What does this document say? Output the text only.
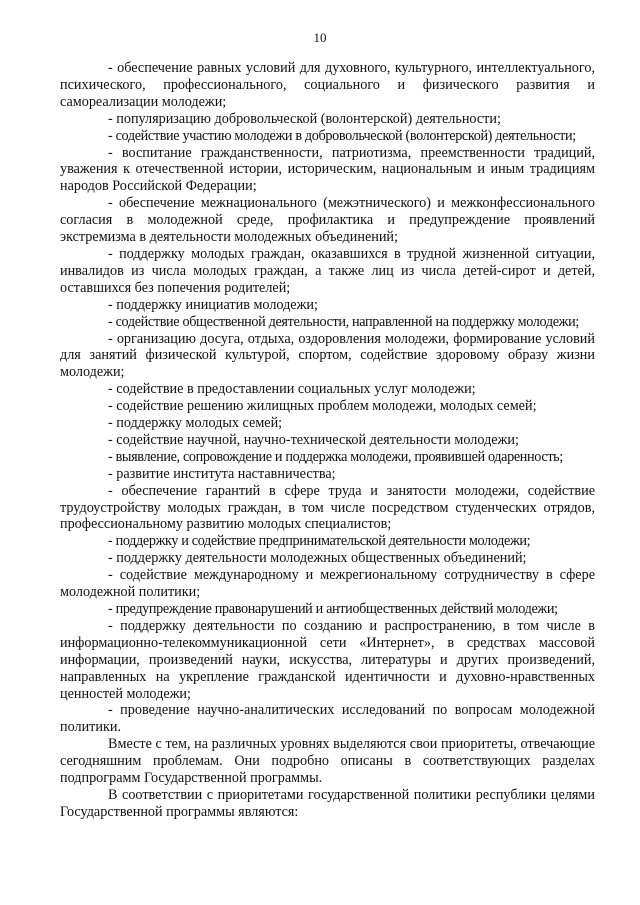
10

- обеспечение равных условий для духовного, культурного, интеллектуального, психического, профессионального, социального и физического развития и самореализации молодежи;

- популяризацию добровольческой (волонтерской) деятельности;

- содействие участию молодежи в добровольческой (волонтерской) деятельности;

- воспитание гражданственности, патриотизма, преемственности традиций, уважения к отечественной истории, историческим, национальным и иным традициям народов Российской Федерации;

- обеспечение межнационального (межэтнического) и межконфессионального согласия в молодежной среде, профилактика и предупреждение проявлений экстремизма в деятельности молодежных объединений;

- поддержку молодых граждан, оказавшихся в трудной жизненной ситуации, инвалидов из числа молодых граждан, а также лиц из числа детей-сирот и детей, оставшихся без попечения родителей;

- поддержку инициатив молодежи;

- содействие общественной деятельности, направленной на поддержку молодежи;

- организацию досуга, отдыха, оздоровления молодежи, формирование условий для занятий физической культурой, спортом, содействие здоровому образу жизни молодежи;

- содействие в предоставлении социальных услуг молодежи;

- содействие решению жилищных проблем молодежи, молодых семей;

- поддержку молодых семей;

- содействие научной, научно-технической деятельности молодежи;

- выявление, сопровождение и поддержка молодежи, проявившей одаренность;

- развитие института наставничества;

- обеспечение гарантий в сфере труда и занятости молодежи, содействие трудоустройству молодых граждан, в том числе посредством студенческих отрядов, профессиональному развитию молодых специалистов;

- поддержку и содействие предпринимательской деятельности молодежи;

- поддержку деятельности молодежных общественных объединений;

- содействие международному и межрегиональному сотрудничеству в сфере молодежной политики;

- предупреждение правонарушений и антиобщественных действий молодежи;

- поддержку деятельности по созданию и распространению, в том числе в информационно-телекоммуникационной сети «Интернет», в средствах массовой информации, произведений науки, искусства, литературы и других произведений, направленных на укрепление гражданской идентичности и духовно-нравственных ценностей молодежи;

- проведение научно-аналитических исследований по вопросам молодежной политики.

Вместе с тем, на различных уровнях выделяются свои приоритеты, отвечающие сегодняшним проблемам. Они подробно описаны в соответствующих разделах подпрограмм Государственной программы.

В соответствии с приоритетами государственной политики республики целями Государственной программы являются:
